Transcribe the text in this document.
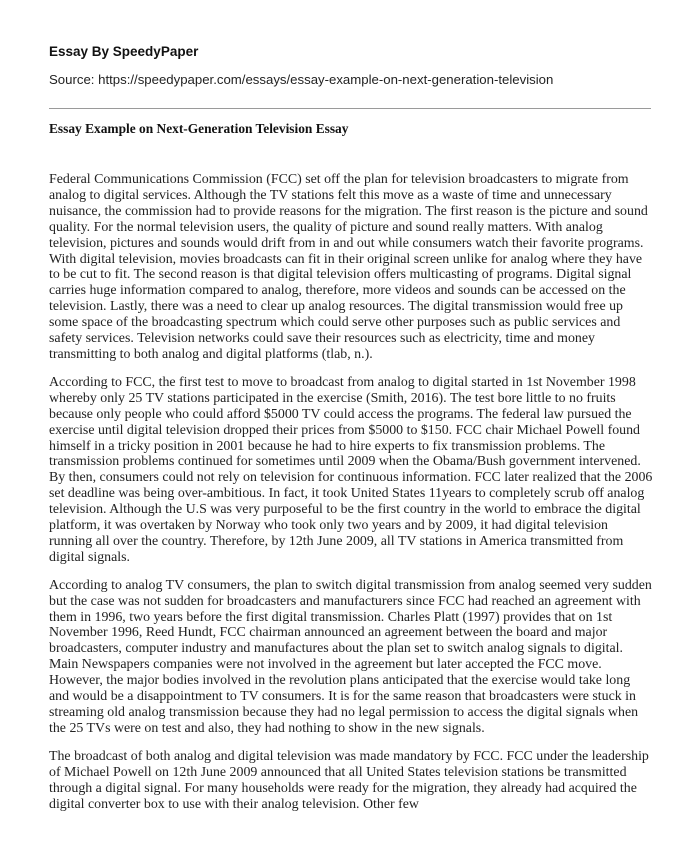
Essay By SpeedyPaper
Source: https://speedypaper.com/essays/essay-example-on-next-generation-television
Essay Example on Next-Generation Television Essay

Federal Communications Commission (FCC) set off the plan for television broadcasters to migrate from analog to digital services. Although the TV stations felt this move as a waste of time and unnecessary nuisance, the commission had to provide reasons for the migration. The first reason is the picture and sound quality. For the normal television users, the quality of picture and sound really matters. With analog television, pictures and sounds would drift from in and out while consumers watch their favorite programs. With digital television, movies broadcasts can fit in their original screen unlike for analog where they have to be cut to fit. The second reason is that digital television offers multicasting of programs. Digital signal carries huge information compared to analog, therefore, more videos and sounds can be accessed on the television. Lastly, there was a need to clear up analog resources. The digital transmission would free up some space of the broadcasting spectrum which could serve other purposes such as public services and safety services. Television networks could save their resources such as electricity, time and money transmitting to both analog and digital platforms (tlab, n.).

According to FCC, the first test to move to broadcast from analog to digital started in 1st November 1998 whereby only 25 TV stations participated in the exercise (Smith, 2016). The test bore little to no fruits because only people who could afford $5000 TV could access the programs. The federal law pursued the exercise until digital television dropped their prices from $5000 to $150. FCC chair Michael Powell found himself in a tricky position in 2001 because he had to hire experts to fix transmission problems. The transmission problems continued for sometimes until 2009 when the Obama/Bush government intervened. By then, consumers could not rely on television for continuous information. FCC later realized that the 2006 set deadline was being over-ambitious. In fact, it took United States 11years to completely scrub off analog television. Although the U.S was very purposeful to be the first country in the world to embrace the digital platform, it was overtaken by Norway who took only two years and by 2009, it had digital television running all over the country. Therefore, by 12th June 2009, all TV stations in America transmitted from digital signals.

According to analog TV consumers, the plan to switch digital transmission from analog seemed very sudden but the case was not sudden for broadcasters and manufacturers since FCC had reached an agreement with them in 1996, two years before the first digital transmission. Charles Platt (1997) provides that on 1st November 1996, Reed Hundt, FCC chairman announced an agreement between the board and major broadcasters, computer industry and manufactures about the plan set to switch analog signals to digital. Main Newspapers companies were not involved in the agreement but later accepted the FCC move. However, the major bodies involved in the revolution plans anticipated that the exercise would take long and would be a disappointment to TV consumers. It is for the same reason that broadcasters were stuck in streaming old analog transmission because they had no legal permission to access the digital signals when the 25 TVs were on test and also, they had nothing to show in the new signals.

The broadcast of both analog and digital television was made mandatory by FCC. FCC under the leadership of Michael Powell on 12th June 2009 announced that all United States television stations be transmitted through a digital signal. For many households were ready for the migration, they already had acquired the digital converter box to use with their analog television. Other few
